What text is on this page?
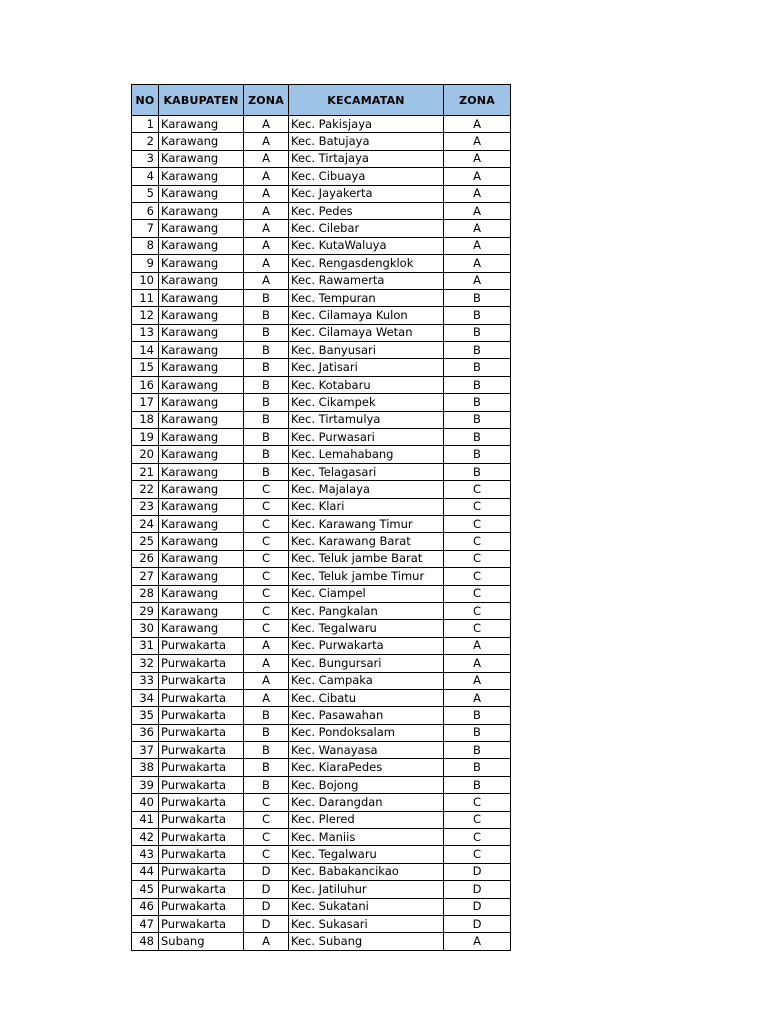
NO	KABUPATEN	ZONA	KECAMATAN	ZONA
1	Karawang	A	Kec. Pakisjaya	A
2	Karawang	A	Kec. Batujaya	A
3	Karawang	A	Kec. Tirtajaya	A
4	Karawang	A	Kec. Cibuaya	A
5	Karawang	A	Kec. Jayakerta	A
6	Karawang	A	Kec. Pedes	A
7	Karawang	A	Kec. Cilebar	A
8	Karawang	A	Kec. KutaWaluya	A
9	Karawang	A	Kec. Rengasdengklok	A
10	Karawang	A	Kec. Rawamerta	A
11	Karawang	B	Kec. Tempuran	B
12	Karawang	B	Kec. Cilamaya Kulon	B
13	Karawang	B	Kec. Cilamaya Wetan	B
14	Karawang	B	Kec. Banyusari	B
15	Karawang	B	Kec. Jatisari	B
16	Karawang	B	Kec. Kotabaru	B
17	Karawang	B	Kec. Cikampek	B
18	Karawang	B	Kec. Tirtamulya	B
19	Karawang	B	Kec. Purwasari	B
20	Karawang	B	Kec. Lemahabang	B
21	Karawang	B	Kec. Telagasari	B
22	Karawang	C	Kec. Majalaya	C
23	Karawang	C	Kec. Klari	C
24	Karawang	C	Kec. Karawang Timur	C
25	Karawang	C	Kec. Karawang Barat	C
26	Karawang	C	Kec. Teluk jambe Barat	C
27	Karawang	C	Kec. Teluk jambe Timur	C
28	Karawang	C	Kec. Ciampel	C
29	Karawang	C	Kec. Pangkalan	C
30	Karawang	C	Kec. Tegalwaru	C
31	Purwakarta	A	Kec. Purwakarta	A
32	Purwakarta	A	Kec. Bungursari	A
33	Purwakarta	A	Kec. Campaka	A
34	Purwakarta	A	Kec. Cibatu	A
35	Purwakarta	B	Kec. Pasawahan	B
36	Purwakarta	B	Kec. Pondoksalam	B
37	Purwakarta	B	Kec. Wanayasa	B
38	Purwakarta	B	Kec. KiaraPedes	B
39	Purwakarta	B	Kec. Bojong	B
40	Purwakarta	C	Kec. Darangdan	C
41	Purwakarta	C	Kec. Plered	C
42	Purwakarta	C	Kec. Maniis	C
43	Purwakarta	C	Kec. Tegalwaru	C
44	Purwakarta	D	Kec. Babakancikao	D
45	Purwakarta	D	Kec. Jatiluhur	D
46	Purwakarta	D	Kec. Sukatani	D
47	Purwakarta	D	Kec. Sukasari	D
48	Subang	A	Kec. Subang	A
